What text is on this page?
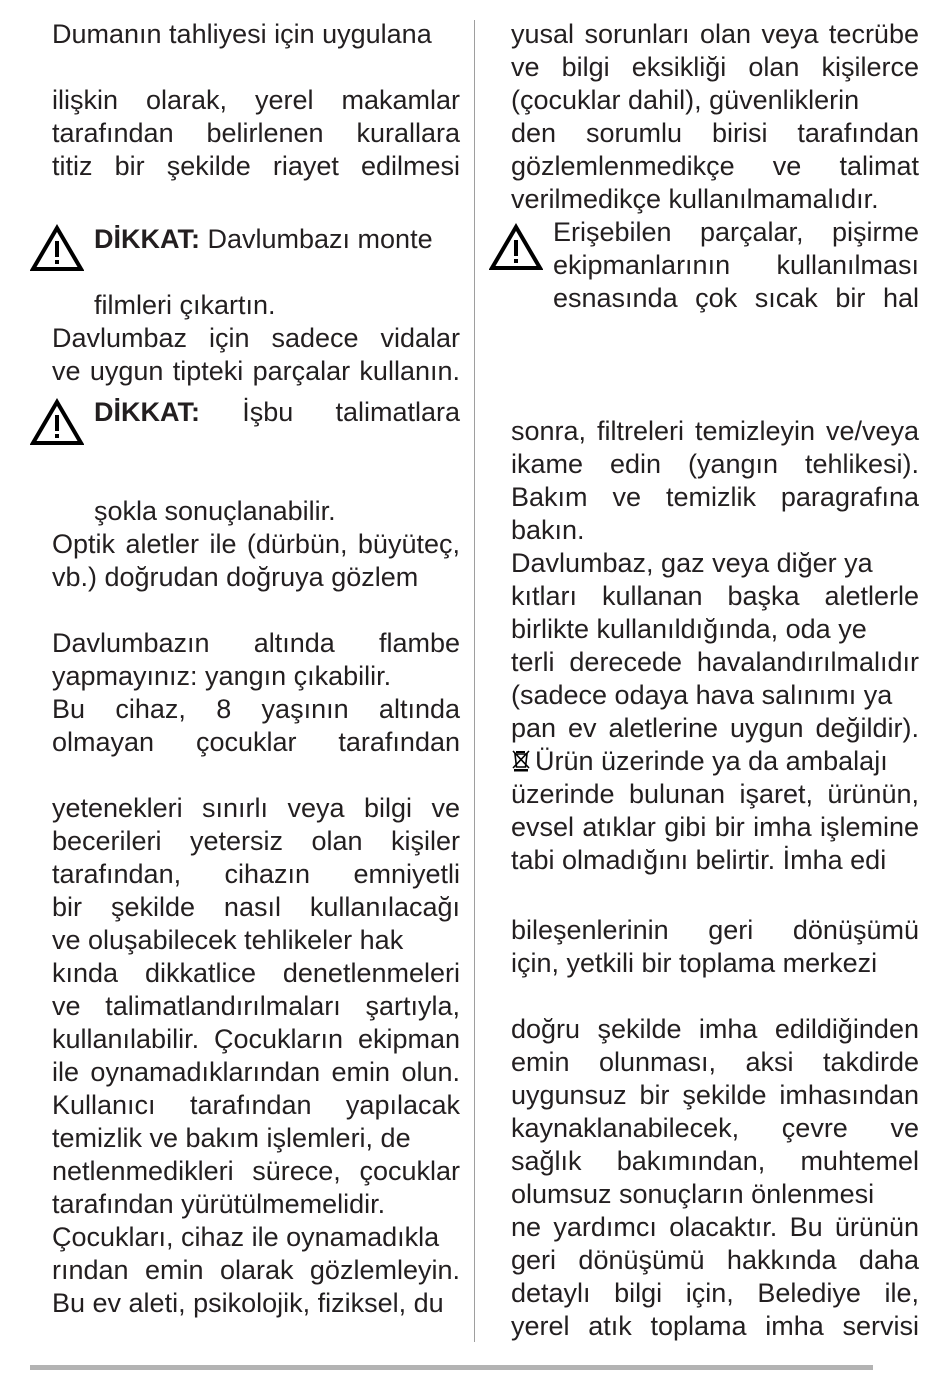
Dumanın tahliyesi için uygulana
ilişkin olarak, yerel makamlar
tarafından belirlenen kurallara
titiz bir şekilde riayet edilmesi
DİKKAT: Davlumbazı monte
filmleri çıkartın.
Davlumbaz için sadece vidalar
ve uygun tipteki parçalar kullanın.
DİKKAT: İşbu talimatlara
şokla sonuçlanabilir.
Optik aletler ile (dürbün, büyüteç,
vb.) doğrudan doğruya gözlem
Davlumbazın altında flambe
yapmayınız: yangın çıkabilir.
Bu cihaz, 8 yaşının altında
olmayan çocuklar tarafından
yetenekleri sınırlı veya bilgi ve
becerileri yetersiz olan kişiler
tarafından, cihazın emniyetli
bir şekilde nasıl kullanılacağı
ve oluşabilecek tehlikeler hak
kında dikkatlice denetlenmeleri
ve talimatlandırılmaları şartıyla,
kullanılabilir. Çocukların ekipman
ile oynamadıklarından emin olun.
Kullanıcı tarafından yapılacak
temizlik ve bakım işlemleri, de
netlenmedikleri sürece, çocuklar
tarafından yürütülmemelidir.
Çocukları, cihaz ile oynamadıkla
rından emin olarak gözlemleyin.
Bu ev aleti, psikolojik, fiziksel, du
yusal sorunları olan veya tecrübe
ve bilgi eksikliği olan kişilerce
(çocuklar dahil), güvenliklerin
den sorumlu birisi tarafından
gözlemlenmedikçe ve talimat
verilmedikçe kullanılmamalıdır.
Erişebilen parçalar, pişirme
ekipmanlarının kullanılması
esnasında çok sıcak bir hal
sonra, filtreleri temizleyin ve/veya
ikame edin (yangın tehlikesi).
Bakım ve temizlik paragrafına
bakın.
Davlumbaz, gaz veya diğer ya
kıtları kullanan başka aletlerle
birlikte kullanıldığında, oda ye
terli derecede havalandırılmalıdır
(sadece odaya hava salınımı ya
pan ev aletlerine uygun değildir).
Ürün üzerinde ya da ambalajı
üzerinde bulunan işaret, ürünün,
evsel atıklar gibi bir imha işlemine
tabi olmadığını belirtir. İmha edi
bileşenlerinin geri dönüşümü
için, yetkili bir toplama merkezi
doğru şekilde imha edildiğinden
emin olunması, aksi takdirde
uygunsuz bir şekilde imhasından
kaynaklanabilecek, çevre ve
sağlık bakımından, muhtemel
olumsuz sonuçların önlenmesi
ne yardımcı olacaktır. Bu ürünün
geri dönüşümü hakkında daha
detaylı bilgi için, Belediye ile,
yerel atık toplama imha servisi
